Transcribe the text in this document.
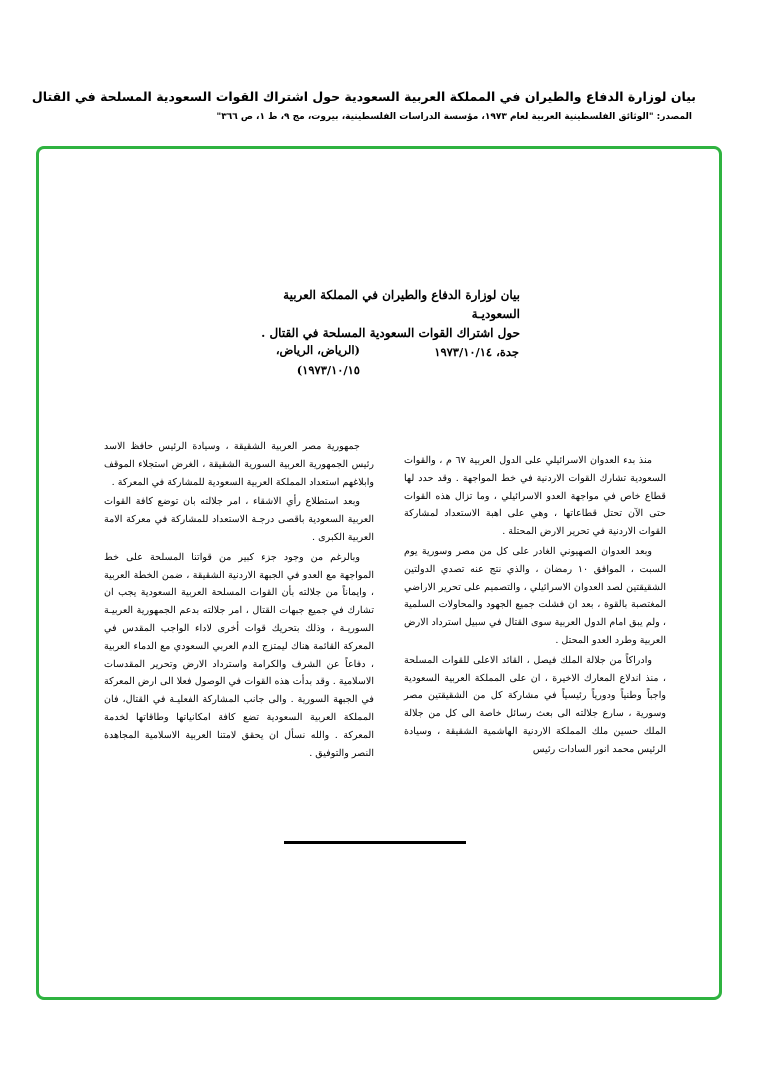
بيان لوزارة الدفاع والطيران في المملكة العربية السعودية حول اشتراك القوات السعودية المسلحة في القتال
المصدر: "الوثائق الفلسطينية العربية لعام ١٩٧٣، مؤسسة الدراسات الفلسطينية، بيروت، مج ٩، ط ١، ص ٣٦٦"
بيان لوزارة الدفاع والطيران في المملكة العربية السعوديـة
حول اشتراك القوات السعودية المسلحة في القتال .
جدة، ١٩٧٣/١٠/١٤
(الرياض، الرياض،
١٩٧٣/١٠/١٥)

منذ بدء العدوان الاسرائيلي على الدول العربية ٦٧ م ، والقوات السعودية تشارك القوات الاردنية في خط المواجهة . وقد حدد لها قطاع خاص في مواجهة العدو الاسرائيلي ، وما تزال هذه القوات حتى الآن تحتل قطاعاتها ، وهي على اهبة الاستعداد لمشاركة القوات الاردنية في تحرير الارض المحتلة .

وبعد العدوان الصهيوني الغادر على كل من مصر وسورية يوم السبت ، الموافق ١٠ رمضان ، والذي نتج عنه تصدي الدولتين الشقيقتين لصد العدوان الاسرائيلي ، والتصميم على تحرير الاراضي المغتصبة بالقوة ، بعد ان فشلت جميع الجهود والمحاولات السلمية ، ولم يبق امام الدول العربية سوى القتال في سبيل استرداد الارض العربية وطرد العدو المحتل .

وادراكاً من جلالة الملك فيصل ، القائد الاعلى للقوات المسلحة ، منذ اندلاع المعارك الاخيرة ، ان على المملكة العربية السعودية واجباً وطنياً ودورياً رئيسياً في مشاركة كل من الشقيقتين مصر وسورية ، سارع جلالته الى بعث رسائل خاصة الى كل من جلالة الملك حسين ملك المملكة الاردنية الهاشمية الشقيقة ، وسيادة الرئيس محمد انور السادات رئيس

جمهورية مصر العربية الشقيقة ، وسيادة الرئيس حافظ الاسد رئيس الجمهورية العربية السورية الشقيقة ، الغرض استجلاء الموقف وابلاغهم استعداد المملكة العربية السعودية للمشاركة في المعركة .

وبعد استطلاع رأي الاشقاء ، امر جلالته بان توضع كافة القوات العربية السعودية باقصى درجـة الاستعداد للمشاركة في معركة الامة العربية الكبرى .

وبالرغم من وجود جزء كبير من قواتنا المسلحة على خط المواجهة مع العدو في الجبهة الاردنية الشقيقة ، ضمن الخطة العربية ، وايماناً من جلالته بأن القوات المسلحة العربية السعودية يجب ان تشارك في جميع جبهات القتال ، امر جلالته بدعم الجمهورية العربيـة السوريـة ، وذلك بتحريك قوات أخرى لاداء الواجب المقدس في المعركة القائمة هناك ليمتزج الدم العربي السعودي مع الدماء العربية ، دفاعاً عن الشرف والكرامة واسترداد الارض وتحرير المقدسات الاسلامية . وقد بدأت هذه القوات في الوصول فعلا الى ارض المعركة في الجبهة السورية . والى جانب المشاركة الفعليـة في القتال، فان المملكة العربية السعودية تضع كافة امكانياتها وطاقاتها لخدمة المعركة . والله نسأل ان يحقق لامتنا العربية الاسلامية المجاهدة النصر والتوفيق .
